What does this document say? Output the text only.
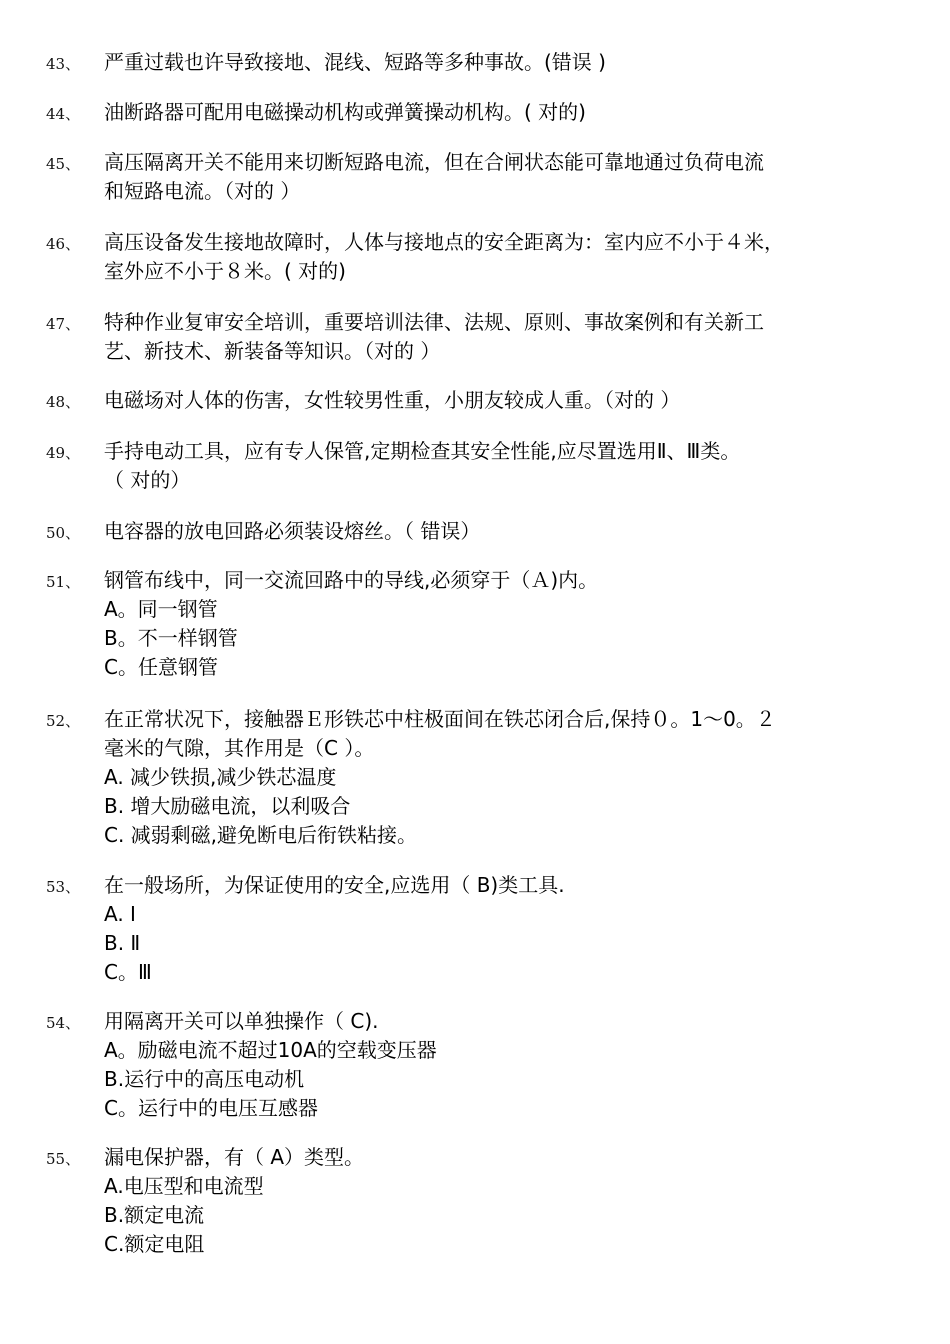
43、 严重过载也许导致接地、混线、短路等多种事故。(错误 )
44、 油断路器可配用电磁操动机构或弹簧操动机构。( 对的)
45、 高压隔离开关不能用来切断短路电流，但在合闸状态能可靠地通过负荷电流
和短路电流。（对的 ）
46、 高压设备发生接地故障时，人体与接地点的安全距离为：室内应不小于４米，
室外应不小于８米。( 对的)
47、 特种作业复审安全培训，重要培训法律、法规、原则、事故案例和有关新工
艺、新技术、新装备等知识。（对的 ）
48、 电磁场对人体的伤害，女性较男性重，小朋友较成人重。（对的 ）
49、 手持电动工具，应有专人保管,定期检查其安全性能,应尽置选用Ⅱ、Ⅲ类。
（ 对的）
50、 电容器的放电回路必须装设熔丝。（ 错误）
51、 钢管布线中，同一交流回路中的导线,必须穿于（Ａ)内。
A。同一钢管
B。不一样钢管
C。任意钢管
52、 在正常状况下，接触器Ｅ形铁芯中柱极面间在铁芯闭合后,保持０。1～0。２
毫米的气隙，其作用是（C ）。
A. 减少铁损,减少铁芯温度
B. 增大励磁电流，以利吸合
C. 减弱剩磁,避免断电后衔铁粘接。
53、 在一般场所，为保证使用的安全,应选用（ B)类工具.
A. Ⅰ
B. Ⅱ
C。Ⅲ
54、 用隔离开关可以单独操作（ C).
A。励磁电流不超过10A的空载变压器
B.运行中的高压电动机
C。运行中的电压互感器
55、 漏电保护器，有（ A）类型。
A.电压型和电流型
B.额定电流
C.额定电阻
